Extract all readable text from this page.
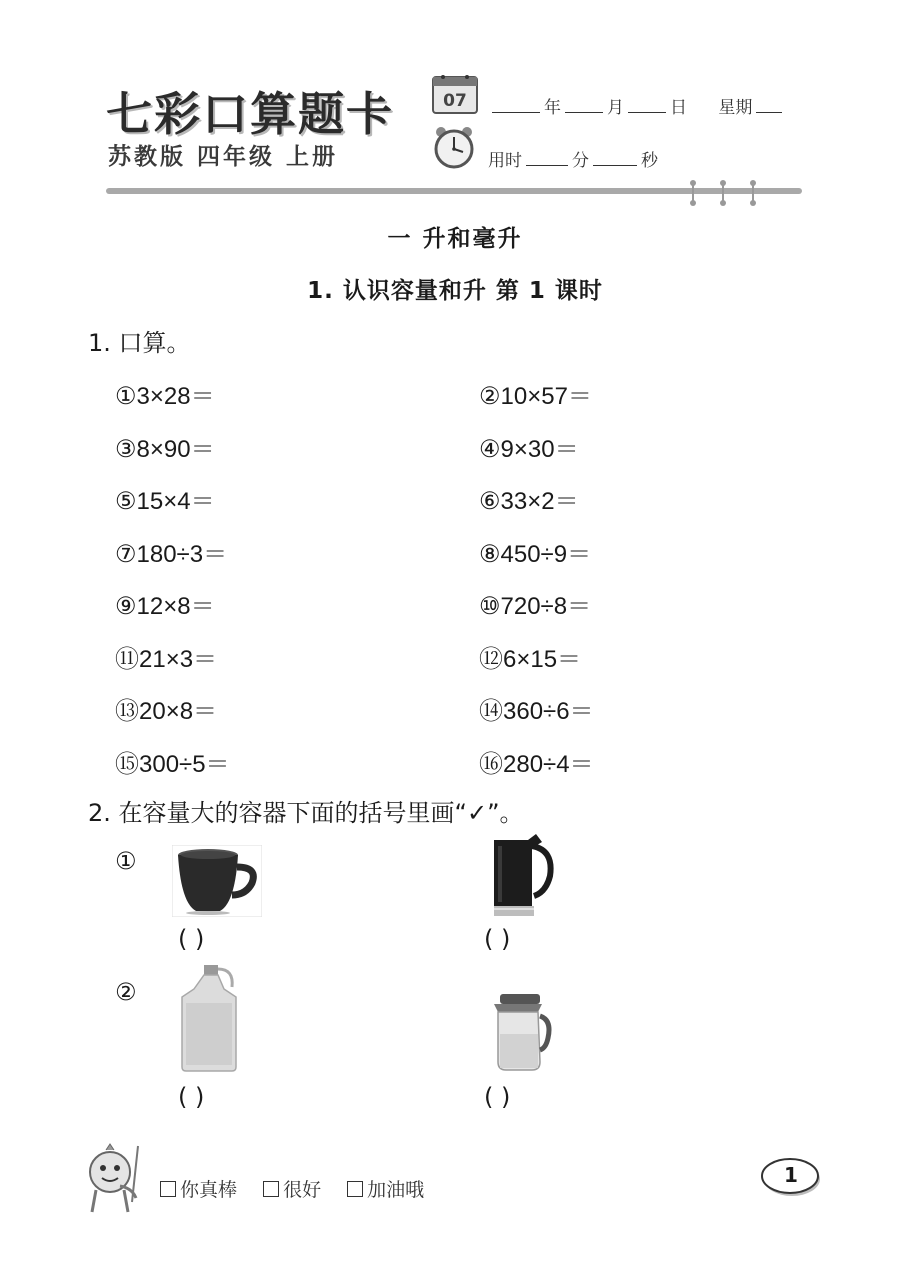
七彩口算题卡
苏教版 四年级 上册
07	年	月	日 星期
用时	分	秒
一 升和毫升
1. 认识容量和升 第 1 课时
1. 口算。
①3×28＝	②10×57＝
③8×90＝	④9×30＝
⑤15×4＝	⑥33×2＝
⑦180÷3＝	⑧450÷9＝
⑨12×8＝	⑩720÷8＝
⑪21×3＝	⑫6×15＝
⑬20×8＝	⑭360÷6＝
⑮300÷5＝	⑯280÷4＝
2. 在容量大的容器下面的括号里画“✓”。
①
②
( )	( )
( )	( )
你真棒 很好 加油哦
1
